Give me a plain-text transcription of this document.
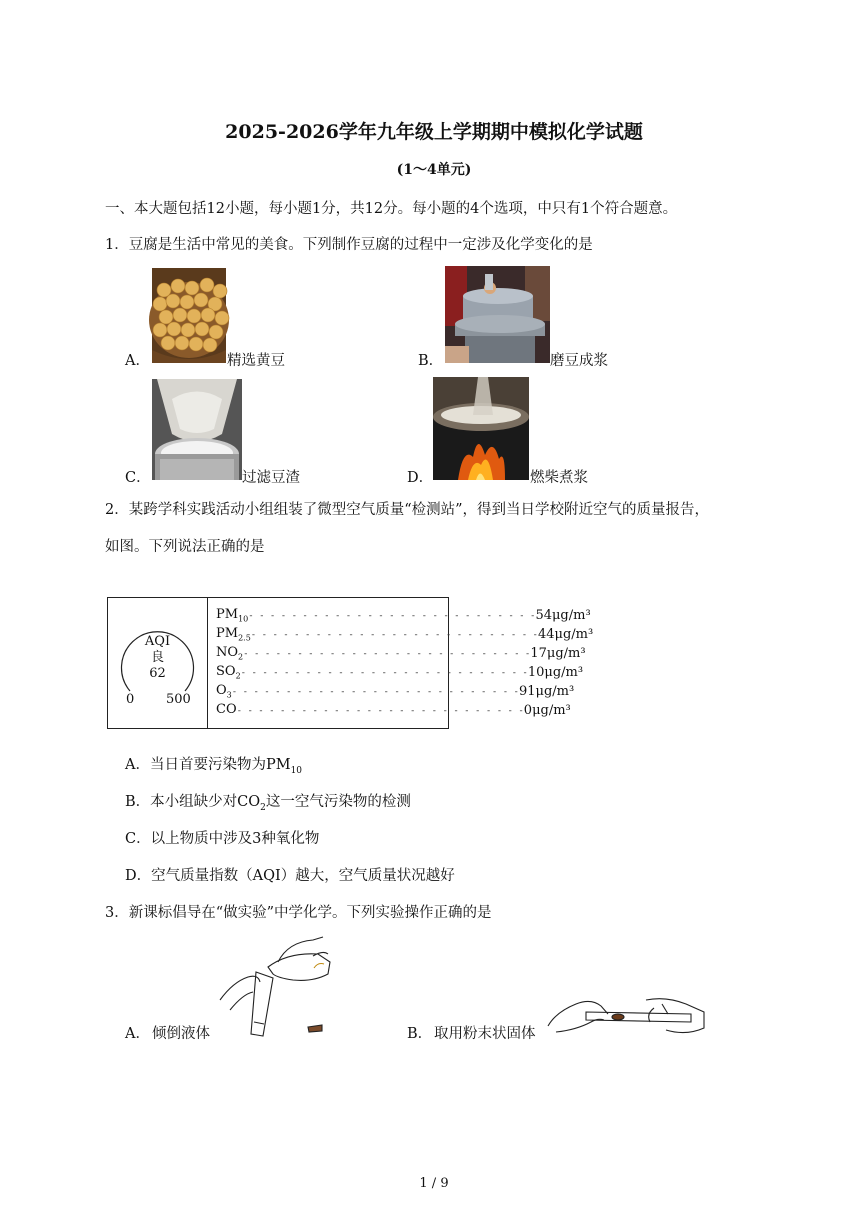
2025-2026学年九年级上学期期中模拟化学试题
(1～4单元)
一、本大题包括12小题，每小题1分，共12分。每小题的4个选项，中只有1个符合题意。
1．豆腐是生活中常见的美食。下列制作豆腐的过程中一定涉及化学变化的是
A．	精选黄豆	B．	磨豆成浆
C．	过滤豆渣	D．	燃柴煮浆
2．某跨学科实践活动小组组装了微型空气质量“检测站”，得到当日学校附近空气的质量报告，
如图。下列说法正确的是
AQI
良
62
0 500
$PM_{10}$ - - - - - - - - - - - - - - - - - - - - - - - - - - - 54μg/m³
$PM_{2.5}$ - - - - - - - - - - - - - - - - - - - - - - - - - - - 44μg/m³
$NO_2$ - - - - - - - - - - - - - - - - - - - - - - - - - - - 17μg/m³
$SO_2$ - - - - - - - - - - - - - - - - - - - - - - - - - - - 10μg/m³
$O_3$ - - - - - - - - - - - - - - - - - - - - - - - - - - - 91μg/m³
CO - - - - - - - - - - - - - - - - - - - - - - - - - - - 0μg/m³
A．当日首要污染物为$PM_{10}$
B．本小组缺少对$CO_2$这一空气污染物的检测
C．以上物质中涉及3种氧化物
D．空气质量指数（AQI）越大，空气质量状况越好
3．新课标倡导在“做实验”中学化学。下列实验操作正确的是
A． 倾倒液体	B． 取用粉末状固体
1 / 9
